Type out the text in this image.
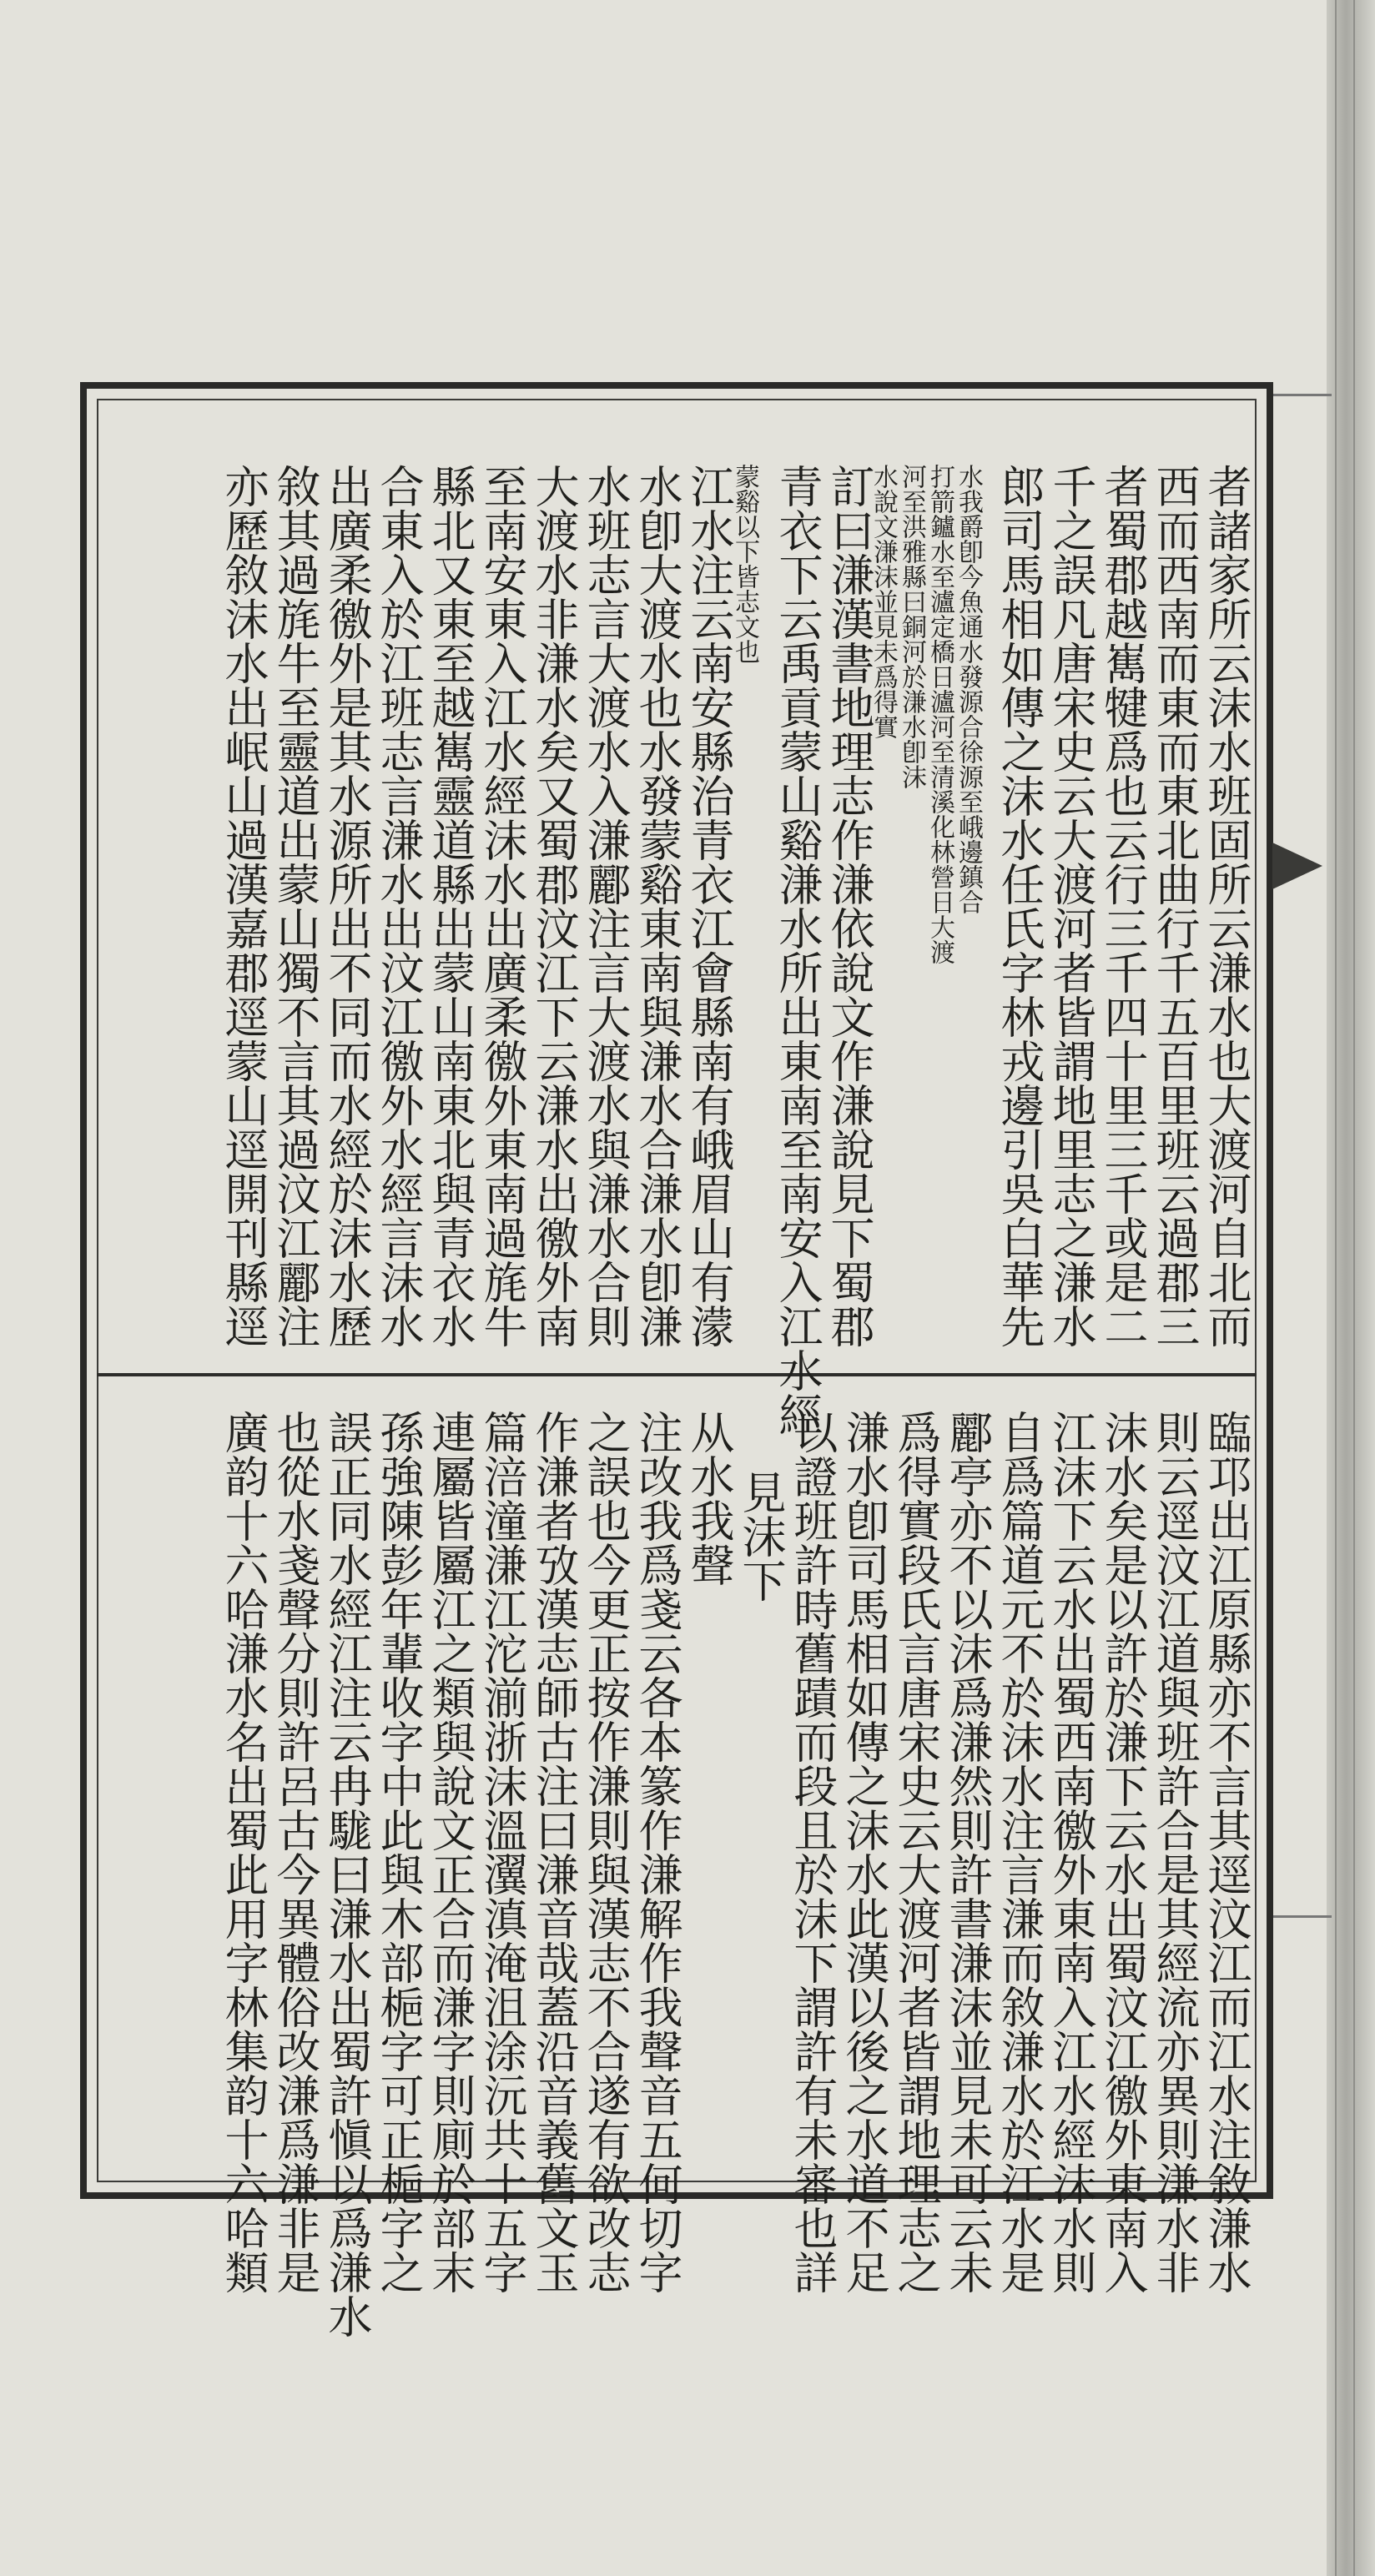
者諸家所云沫水班固所云溓水也大渡河自北而
西而西南而東而東北曲行千五百里班云過郡三
者蜀郡越嶲犍爲也云行三千四十里三千或是二
千之誤凡唐宋史云大渡河者皆謂地里志之溓水
郎司馬相如傳之沫水任氏字林戎邊引吳白華先
水我爵卽今魚通水發源合徐源至峨邊鎮合
打箭鑪水至瀘定橋日瀘河至清溪化林營日大渡
河至洪雅縣曰銅河於溓水卽沫
水說文溓沫並見未爲得實
訂曰溓漢書地理志作溓依說文作溓說見下蜀郡
青衣下云禹貢蒙山谿溓水所出東南至南安入江水經
蒙谿以下皆志文也
江水注云南安縣治青衣江會縣南有峨眉山有濛
水卽大渡水也水發蒙谿東南與溓水合溓水卽溓
水班志言大渡水入溓酈注言大渡水與溓水合則
大渡水非溓水矣又蜀郡汶江下云溓水出徼外南
至南安東入江水經沫水出廣柔徼外東南過旄牛
縣北又東至越嶲靈道縣出蒙山南東北與青衣水
合東入於江班志言溓水出汶江徼外水經言沫水
出廣柔徼外是其水源所出不同而水經於沫水歷
敘其過旄牛至靈道出蒙山獨不言其過汶江酈注
亦歷敘沫水出岷山過漢嘉郡逕蒙山逕開刊縣逕
臨邛出江原縣亦不言其逕汶江而江水注敘溓水
則云逕汶江道與班許合是其經流亦異則溓水非
沫水矣是以許於溓下云水出蜀汶江徼外東南入
江沫下云水出蜀西南徼外東南入江水經沫水則
自爲篇道元不於沫水注言溓而敘溓水於江水是
酈亭亦不以沫爲溓然則許書溓沫並見未可云未
爲得實段氏言唐宋史云大渡河者皆謂地理志之
溓水卽司馬相如傳之沫水此漢以後之水道不足
以證班許時舊蹟而段且於沫下謂許有未審也詳
見沫下
从水我聲
注改我爲戔云各本篆作溓解作我聲音五何切字
之誤也今更正按作溓則與漢志不合遂有欲改志
作溓者攷漢志師古注曰溓音哉蓋沿音義舊文玉
篇涪潼溓江沱湔浙沫溫瀷滇淹沮涂沅共十五字
連屬皆屬江之類與說文正合而溓字則廁於部末
孫強陳彭年輩收字中此與木部梔字可正梔字之
誤正同水經江注云冉駹曰溓水出蜀許愼以爲溓水
也從水戔聲分則許呂古今異體俗改溓爲溓非是
廣韵十六哈溓水名出蜀此用字林集韵十六哈類
